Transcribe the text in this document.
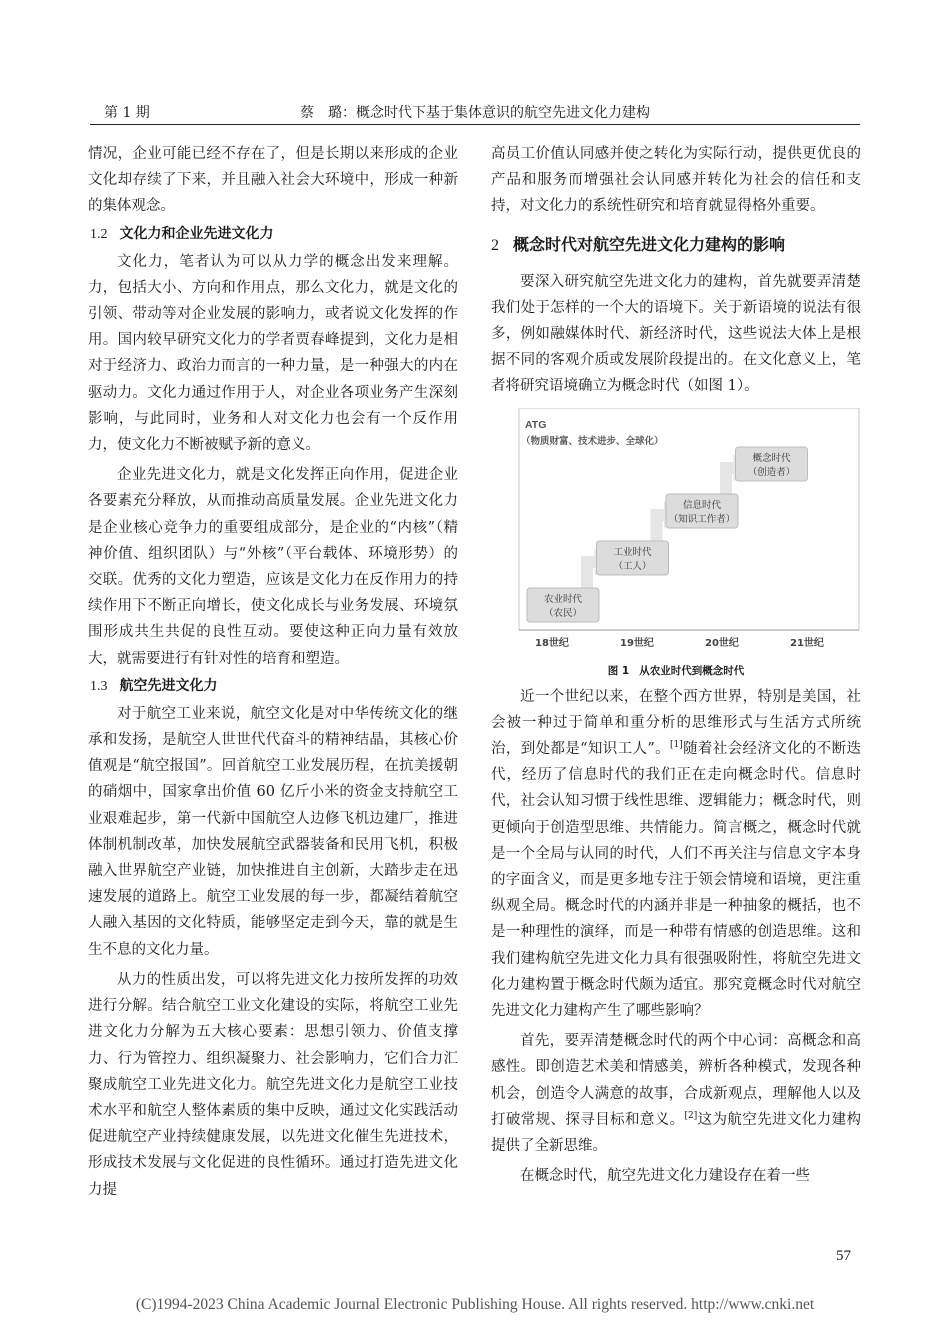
第 1 期	蔡　璐：概念时代下基于集体意识的航空先进文化力建构

情况，企业可能已经不存在了，但是长期以来形成的企业文化却存续了下来，并且融入社会大环境中，形成一种新的集体观念。

1.2 文化力和企业先进文化力

文化力，笔者认为可以从力学的概念出发来理解。力，包括大小、方向和作用点，那么文化力，就是文化的引领、带动等对企业发展的影响力，或者说文化发挥的作用。国内较早研究文化力的学者贾春峰提到，文化力是相对于经济力、政治力而言的一种力量，是一种强大的内在驱动力。文化力通过作用于人，对企业各项业务产生深刻影响，与此同时，业务和人对文化力也会有一个反作用力，使文化力不断被赋予新的意义。

企业先进文化力，就是文化发挥正向作用，促进企业各要素充分释放，从而推动高质量发展。企业先进文化力是企业核心竞争力的重要组成部分，是企业的“内核”（精神价值、组织团队）与“外核”（平台载体、环境形势）的交联。优秀的文化力塑造，应该是文化力在反作用力的持续作用下不断正向增长，使文化成长与业务发展、环境氛围形成共生共促的良性互动。要使这种正向力量有效放大，就需要进行有针对性的培育和塑造。

1.3 航空先进文化力

对于航空工业来说，航空文化是对中华传统文化的继承和发扬，是航空人世世代代奋斗的精神结晶，其核心价值观是“航空报国”。回首航空工业发展历程，在抗美援朝的硝烟中，国家拿出价值 60 亿斤小米的资金支持航空工业艰难起步，第一代新中国航空人边修飞机边建厂，推进体制机制改革，加快发展航空武器装备和民用飞机，积极融入世界航空产业链，加快推进自主创新，大踏步走在迅速发展的道路上。航空工业发展的每一步，都凝结着航空人融入基因的文化特质，能够坚定走到今天，靠的就是生生不息的文化力量。

从力的性质出发，可以将先进文化力按所发挥的功效进行分解。结合航空工业文化建设的实际，将航空工业先进文化力分解为五大核心要素：思想引领力、价值支撑力、行为管控力、组织凝聚力、社会影响力，它们合力汇聚成航空工业先进文化力。航空先进文化力是航空工业技术水平和航空人整体素质的集中反映，通过文化实践活动促进航空产业持续健康发展，以先进文化催生先进技术，形成技术发展与文化促进的良性循环。通过打造先进文化力提

高员工价值认同感并使之转化为实际行动，提供更优良的产品和服务而增强社会认同感并转化为社会的信任和支持，对文化力的系统性研究和培育就显得格外重要。

2 概念时代对航空先进文化力建构的影响

要深入研究航空先进文化力的建构，首先就要弄清楚我们处于怎样的一个大的语境下。关于新语境的说法有很多，例如融媒体时代、新经济时代，这些说法大体上是根据不同的客观介质或发展阶段提出的。在文化意义上，笔者将研究语境确立为概念时代（如图 1）。

ATG
（物质财富、技术进步、全球化）
农业时代
（农民）
工业时代
（工人）
信息时代
（知识工作者）
概念时代
（创造者）
18世纪	19世纪	20世纪	21世纪
图 1 从农业时代到概念时代

近一个世纪以来，在整个西方世界，特别是美国，社会被一种过于简单和重分析的思维形式与生活方式所统治，到处都是“知识工人”。[1]随着社会经济文化的不断迭代，经历了信息时代的我们正在走向概念时代。信息时代，社会认知习惯于线性思维、逻辑能力；概念时代，则更倾向于创造型思维、共情能力。简言概之，概念时代就是一个全局与认同的时代，人们不再关注与信息文字本身的字面含义，而是更多地专注于领会情境和语境，更注重纵观全局。概念时代的内涵并非是一种抽象的概括，也不是一种理性的演绎，而是一种带有情感的创造思维。这和我们建构航空先进文化力具有很强吸附性，将航空先进文化力建构置于概念时代颇为适宜。那究竟概念时代对航空先进文化力建构产生了哪些影响？

首先，要弄清楚概念时代的两个中心词：高概念和高感性。即创造艺术美和情感美，辨析各种模式，发现各种机会，创造令人满意的故事，合成新观点，理解他人以及打破常规、探寻目标和意义。[2]这为航空先进文化力建构提供了全新思维。

在概念时代，航空先进文化力建设存在着一些

57
(C)1994-2023 China Academic Journal Electronic Publishing House. All rights reserved. http://www.cnki.net
